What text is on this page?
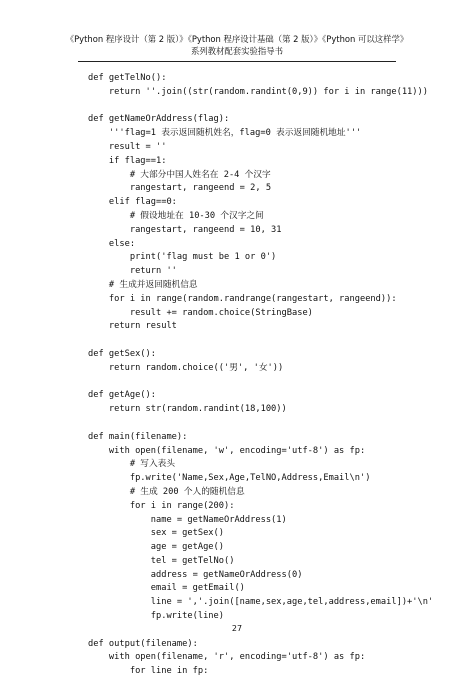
《Python 程序设计（第 2 版）》《Python 程序设计基础（第 2 版）》《Python 可以这样学》
系列教材配套实验指导书
def getTelNo():
return ''.join((str(random.randint(0,9)) for i in range(11)))
def getNameOrAddress(flag):
'''flag=1 表示返回随机姓名，flag=0 表示返回随机地址'''
result = ''
if flag==1:
# 大部分中国人姓名在 2-4 个汉字
rangestart, rangeend = 2, 5
elif flag==0:
# 假设地址在 10-30 个汉字之间
rangestart, rangeend = 10, 31
else:
print('flag must be 1 or 0')
return ''
# 生成并返回随机信息
for i in range(random.randrange(rangestart, rangeend)):
result += random.choice(StringBase)
return result
def getSex():
return random.choice(('男', '女'))
def getAge():
return str(random.randint(18,100))
def main(filename):
with open(filename, 'w', encoding='utf-8') as fp:
# 写入表头
fp.write('Name,Sex,Age,TelNO,Address,Email\n')
# 生成 200 个人的随机信息
for i in range(200):
name = getNameOrAddress(1)
sex = getSex()
age = getAge()
tel = getTelNo()
address = getNameOrAddress(0)
email = getEmail()
line = ','.join([name,sex,age,tel,address,email])+'\n'
fp.write(line)
def output(filename):
with open(filename, 'r', encoding='utf-8') as fp:
for line in fp:
27
